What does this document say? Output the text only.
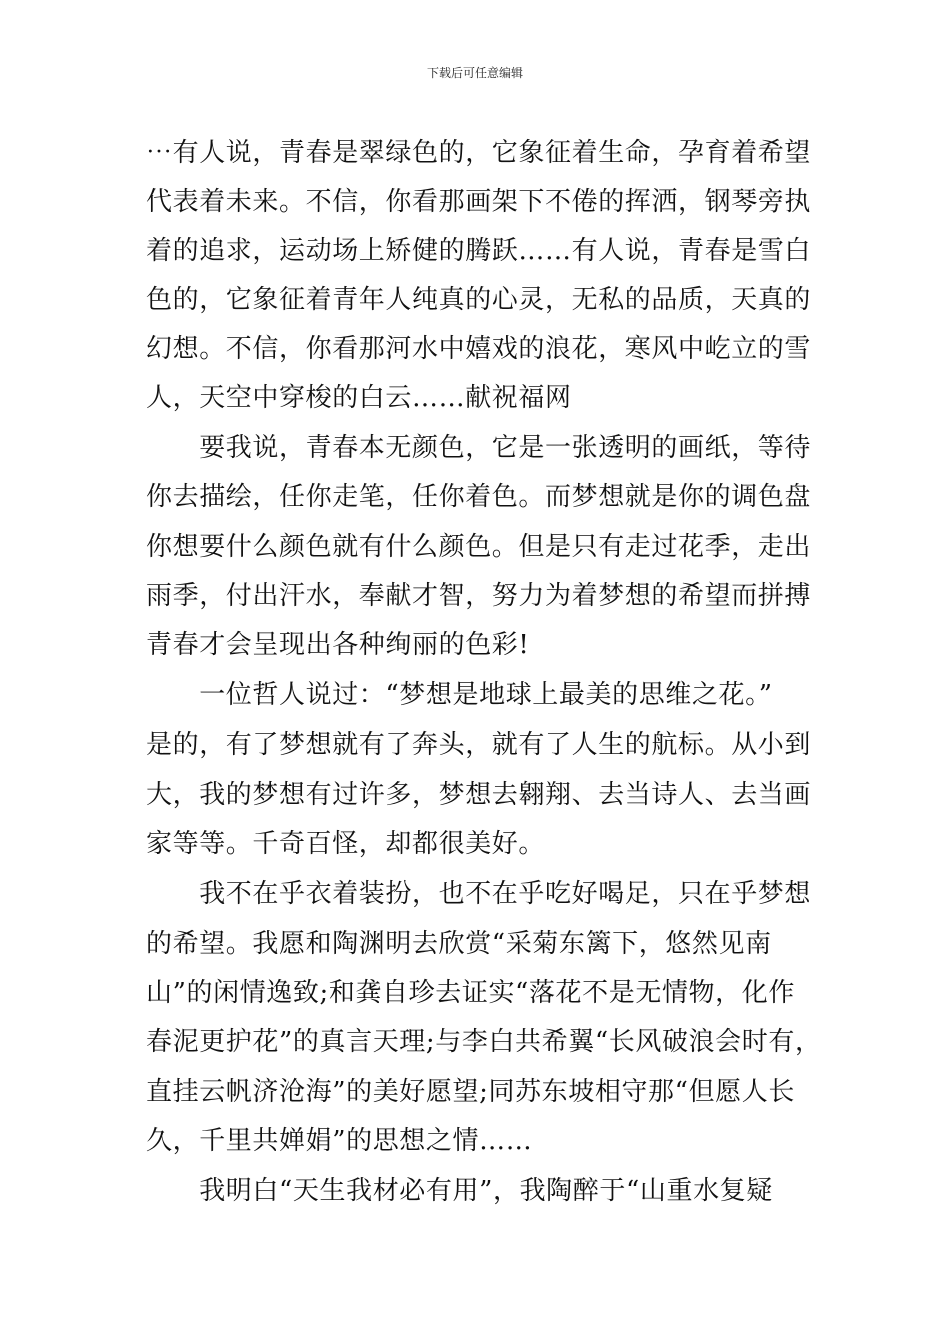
下载后可任意编辑
⋯有人说，青春是翠绿色的，它象征着生命，孕育着希望
代表着未来。不信，你看那画架下不倦的挥洒，钢琴旁执
着的追求，运动场上矫健的腾跃……有人说，青春是雪白
色的，它象征着青年人纯真的心灵，无私的品质，天真的
幻想。不信，你看那河水中嬉戏的浪花，寒风中屹立的雪
人，天空中穿梭的白云……献祝福网
　　要我说，青春本无颜色，它是一张透明的画纸，等待
你去描绘，任你走笔，任你着色。而梦想就是你的调色盘
你想要什么颜色就有什么颜色。但是只有走过花季，走出
雨季，付出汗水，奉献才智，努力为着梦想的希望而拼搏
青春才会呈现出各种绚丽的色彩!
　　一位哲人说过：“梦想是地球上最美的思维之花。”
是的，有了梦想就有了奔头，就有了人生的航标。从小到
大，我的梦想有过许多，梦想去翱翔、去当诗人、去当画
家等等。千奇百怪，却都很美好。
　　我不在乎衣着装扮，也不在乎吃好喝足，只在乎梦想
的希望。我愿和陶渊明去欣赏“采菊东篱下，悠然见南
山”的闲情逸致;和龚自珍去证实“落花不是无情物，化作
春泥更护花”的真言天理;与李白共希翼“长风破浪会时有，
直挂云帆济沧海”的美好愿望;同苏东坡相守那“但愿人长
久，千里共婵娟”的思想之情……
　　我明白“天生我材必有用”，我陶醉于“山重水复疑
